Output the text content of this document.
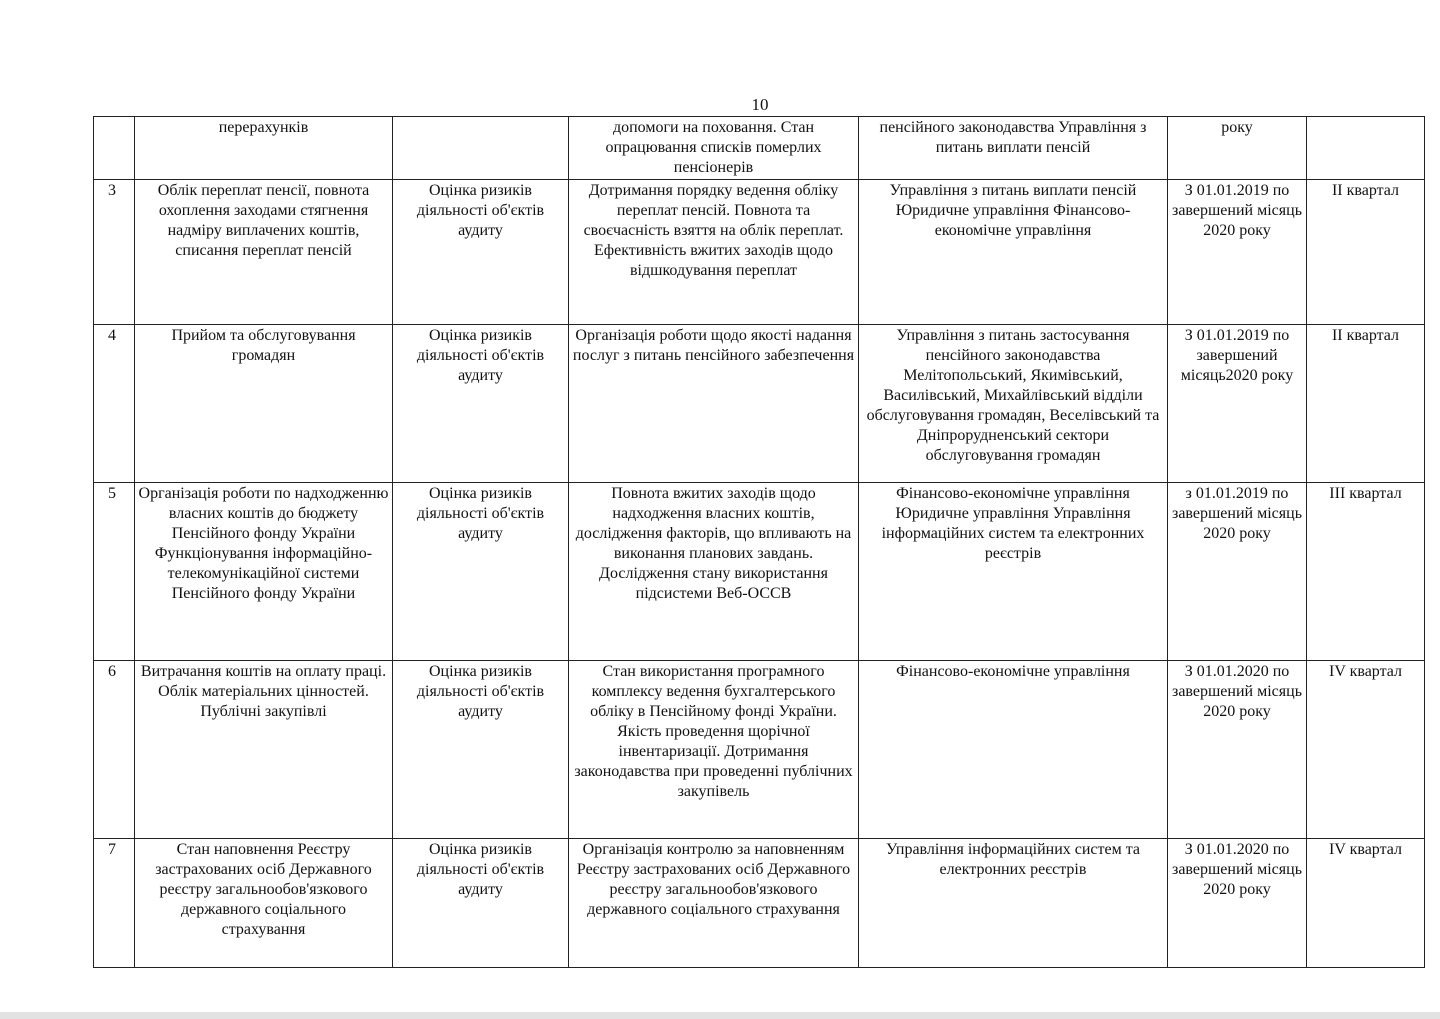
10
	перерахунків		допомоги на поховання. Стан опрацювання списків померлих пенсіонерів	пенсійного законодавства Управління з питань виплати пенсій	року	
3	Облік переплат пенсії, повнота охоплення заходами стягнення надміру виплачених коштів, списання переплат пенсій	Оцінка ризиків діяльності об'єктів аудиту	Дотримання порядку ведення обліку переплат пенсій. Повнота та своєчасність взяття на облік переплат. Ефективність вжитих заходів щодо відшкодування переплат	Управління з питань виплати пенсій Юридичне управління Фінансово-економічне управління	З 01.01.2019 по завершений місяць 2020 року	ІІ квартал
4	Прийом та обслуговування громадян	Оцінка ризиків діяльності об'єктів аудиту	Організація роботи щодо якості надання послуг з питань пенсійного забезпечення	Управління з питань застосування пенсійного законодавства Мелітопольський, Якимівський, Василівський, Михайлівський відділи обслуговування громадян, Веселівський та Дніпрорудненський сектори обслуговування громадян	З 01.01.2019 по завершений місяць2020 року	ІІ квартал
5	Організація роботи по надходженню власних коштів до бюджету Пенсійного фонду України Функціонування інформаційно-телекомунікаційної системи Пенсійного фонду України	Оцінка ризиків діяльності об'єктів аудиту	Повнота вжитих заходів щодо надходження власних коштів, дослідження факторів, що впливають на виконання планових завдань. Дослідження стану використання підсистеми Веб-ОССВ	Фінансово-економічне управління Юридичне управління Управління інформаційних систем та електронних реєстрів	з 01.01.2019 по завершений місяць 2020 року	ІІІ квартал
6	Витрачання коштів на оплату праці. Облік матеріальних цінностей. Публічні закупівлі	Оцінка ризиків діяльності об'єктів аудиту	Стан використання програмного комплексу ведення бухгалтерського обліку в Пенсійному фонді України. Якість проведення щорічної інвентаризації. Дотримання законодавства при проведенні публічних закупівель	Фінансово-економічне управління	З 01.01.2020 по завершений місяць 2020 року	ІV квартал
7	Стан наповнення Реєстру застрахованих осіб Державного реєстру загальнообов'язкового державного соціального страхування	Оцінка ризиків діяльності об'єктів аудиту	Організація контролю за наповненням Реєстру застрахованих осіб Державного реєстру загальнообов'язкового державного соціального страхування	Управління інформаційних систем та електронних реєстрів	З 01.01.2020 по завершений місяць 2020 року	ІV квартал
